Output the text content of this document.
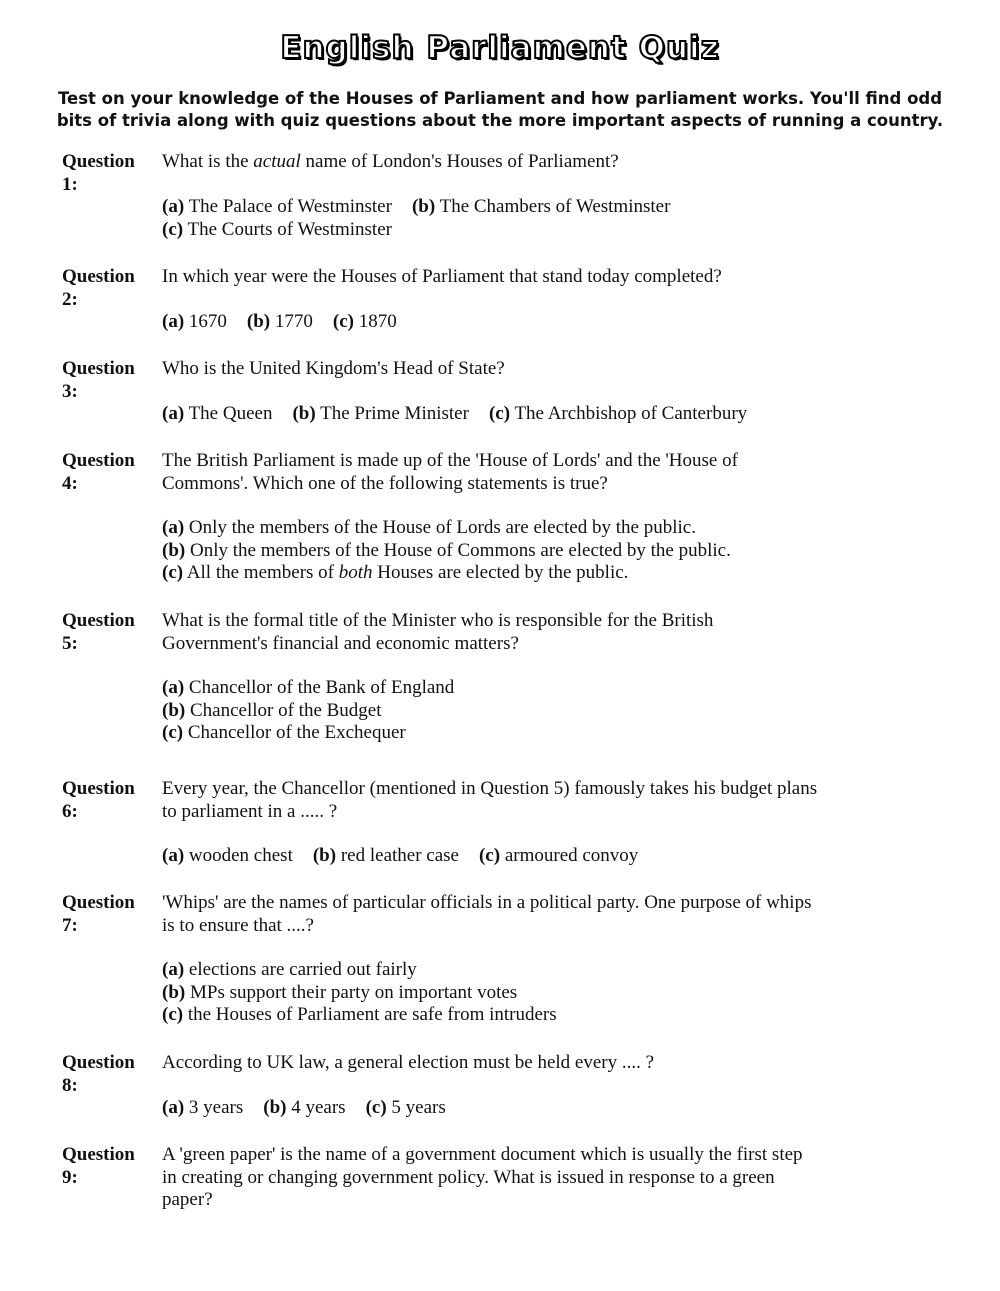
English Parliament Quiz
Test on your knowledge of the Houses of Parliament and how parliament works. You'll find odd bits of trivia along with quiz questions about the more important aspects of running a country.
Question
1:
What is the actual name of London's Houses of Parliament?
(a) The Palace of Westminster (b) The Chambers of Westminster
(c) The Courts of Westminster
Question
2:
In which year were the Houses of Parliament that stand today completed?
(a) 1670 (b) 1770 (c) 1870
Question
3:
Who is the United Kingdom's Head of State?
(a) The Queen (b) The Prime Minister (c) The Archbishop of Canterbury
Question
4:
The British Parliament is made up of the 'House of Lords' and the 'House of Commons'. Which one of the following statements is true?
(a) Only the members of the House of Lords are elected by the public.
(b) Only the members of the House of Commons are elected by the public.
(c) All the members of both Houses are elected by the public.
Question
5:
What is the formal title of the Minister who is responsible for the British Government's financial and economic matters?
(a) Chancellor of the Bank of England
(b) Chancellor of the Budget
(c) Chancellor of the Exchequer
Question
6:
Every year, the Chancellor (mentioned in Question 5) famously takes his budget plans to parliament in a ..... ?
(a) wooden chest (b) red leather case (c) armoured convoy
Question
7:
'Whips' are the names of particular officials in a political party. One purpose of whips is to ensure that ....?
(a) elections are carried out fairly
(b) MPs support their party on important votes
(c) the Houses of Parliament are safe from intruders
Question
8:
According to UK law, a general election must be held every .... ?
(a) 3 years (b) 4 years (c) 5 years
Question
9:
A 'green paper' is the name of a government document which is usually the first step in creating or changing government policy. What is issued in response to a green paper?
